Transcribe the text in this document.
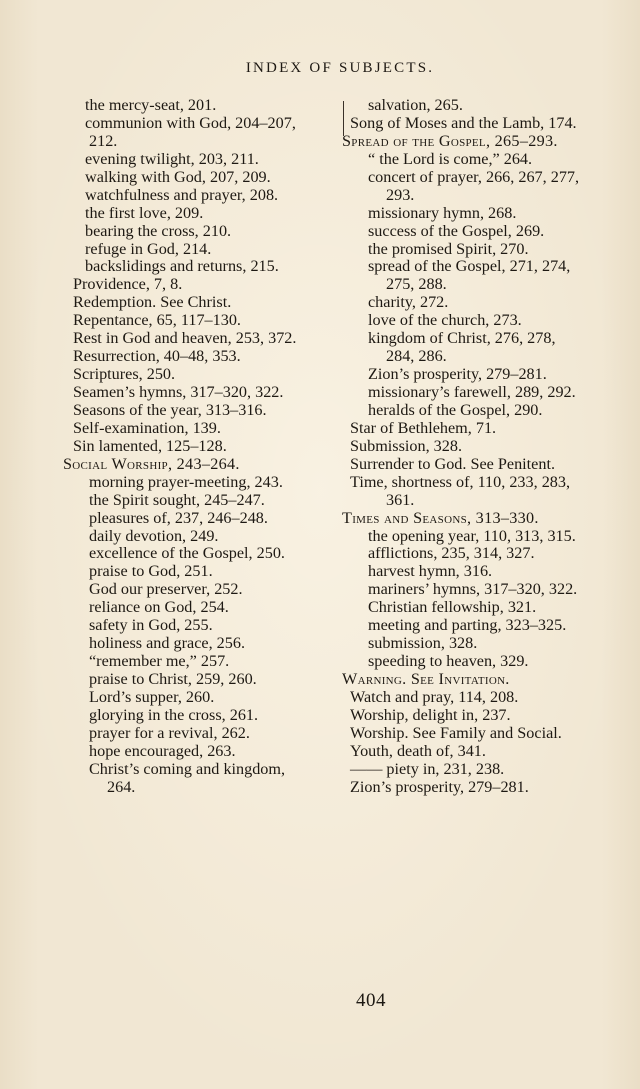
INDEX OF SUBJECTS.
the mercy-seat, 201.
communion with God, 204–207,
212.
evening twilight, 203, 211.
walking with God, 207, 209.
watchfulness and prayer, 208.
the first love, 209.
bearing the cross, 210.
refuge in God, 214.
backslidings and returns, 215.
Providence, 7, 8.
Redemption. See Christ.
Repentance, 65, 117–130.
Rest in God and heaven, 253, 372.
Resurrection, 40–48, 353.
Scriptures, 250.
Seamen’s hymns, 317–320, 322.
Seasons of the year, 313–316.
Self-examination, 139.
Sin lamented, 125–128.
Social Worship, 243–264.
morning prayer-meeting, 243.
the Spirit sought, 245–247.
pleasures of, 237, 246–248.
daily devotion, 249.
excellence of the Gospel, 250.
praise to God, 251.
God our preserver, 252.
reliance on God, 254.
safety in God, 255.
holiness and grace, 256.
“remember me,” 257.
praise to Christ, 259, 260.
Lord’s supper, 260.
glorying in the cross, 261.
prayer for a revival, 262.
hope encouraged, 263.
Christ’s coming and kingdom,
264.
salvation, 265.
Song of Moses and the Lamb, 174.
Spread of the Gospel, 265–293.
“ the Lord is come,” 264.
concert of prayer, 266, 267, 277,
293.
missionary hymn, 268.
success of the Gospel, 269.
the promised Spirit, 270.
spread of the Gospel, 271, 274,
275, 288.
charity, 272.
love of the church, 273.
kingdom of Christ, 276, 278,
284, 286.
Zion’s prosperity, 279–281.
missionary’s farewell, 289, 292.
heralds of the Gospel, 290.
Star of Bethlehem, 71.
Submission, 328.
Surrender to God. See Penitent.
Time, shortness of, 110, 233, 283,
361.
Times and Seasons, 313–330.
the opening year, 110, 313, 315.
afflictions, 235, 314, 327.
harvest hymn, 316.
mariners’ hymns, 317–320, 322.
Christian fellowship, 321.
meeting and parting, 323–325.
submission, 328.
speeding to heaven, 329.
Warning. See Invitation.
Watch and pray, 114, 208.
Worship, delight in, 237.
Worship. See Family and Social.
Youth, death of, 341.
—— piety in, 231, 238.
Zion’s prosperity, 279–281.
404
